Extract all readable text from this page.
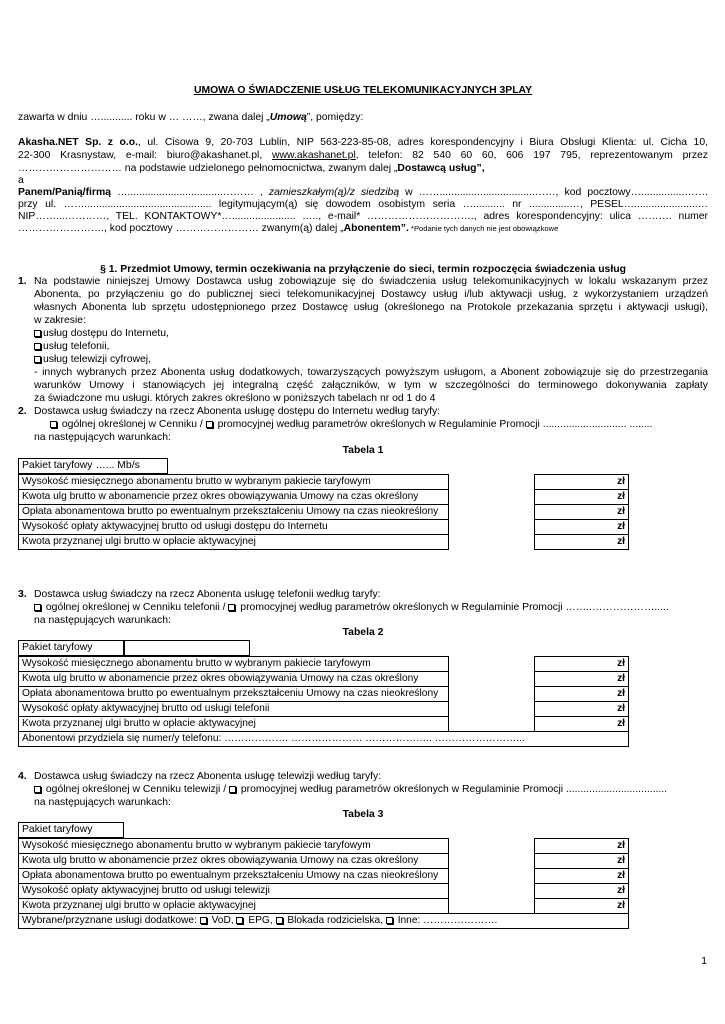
UMOWA O ŚWIADCZENIE USŁUG TELEKOMUNIKACYJNYCH 3PLAY
zawarta w dniu …........... roku w … ……, zwana dalej „Umową”, pomiędzy:
Akasha.NET Sp. z o.o., ul. Cisowa 9, 20-703 Lublin, NIP 563-223-85-08, adres korespondencyjny i Biura Obsługi Klienta: ul. Cicha 10,
22-300 Krasnystaw, e-mail: biuro@akashanet.pl, www.akashanet.pl, telefon: 82 540 60 60, 606 197 795, reprezentowanym przez
………………………… na podstawie udzielonego pełnomocnictwa, zwanym dalej „Dostawcą usług”,
a
Panem/Panią/firmą ….................................……… , zamieszkałym(ą)/z siedzibą w …….................................……, kod pocztowy…...............…….
przy ul. ……............................................ legitymującym(ą) się dowodem osobistym seria …........... nr ..............…, PESEL…......................…
NIP……...…………, TEL. KONTAKTOWY*…...................... ….., e-mail* …………………………., adres korespondencyjny: ulica ………. numer
……………………., kod pocztowy …………………… zwanym(ą) dalej „Abonentem”. *Podanie tych danych nie jest obowiązkowe
§ 1. Przedmiot Umowy, termin oczekiwania na przyłączenie do sieci, termin rozpoczęcia świadczenia usług
1. Na podstawie niniejszej Umowy Dostawca usług zobowiązuje się do świadczenia usług telekomunikacyjnych w lokalu wskazanym przez
Abonenta, po przyłączeniu go do publicznej sieci telekomunikacyjnej Dostawcy usług i/lub aktywacji usług, z wykorzystaniem urządzeń
własnych Abonenta lub sprzętu udostępnionego przez Dostawcę usług (określonego na Protokole przekazania sprzętu i aktywacji usługi),
w zakresie:
usług dostępu do Internetu,
usług telefonii,
usług telewizji cyfrowej,
- innych wybranych przez Abonenta usług dodatkowych, towarzyszących powyższym usługom, a Abonent zobowiązuje się do przestrzegania
warunków Umowy i stanowiących jej integralną część załączników, w tym w szczególności do terminowego dokonywania zapłaty
za świadczone mu usługi. których zakres określono w poniższych tabelach nr od 1 do 4
2. Dostawca usług świadczy na rzecz Abonenta usługę dostępu do Internetu według taryfy:
ogólnej określonej w Cenniku /  promocyjnej według parametrów określonych w Regulaminie Promocji ............................. ........
na następujących warunkach:
Tabela 1
Pakiet taryfowy …... Mb/s
Wysokość miesięcznego abonamentu brutto w wybranym pakiecie taryfowym		zł
Kwota ulg brutto w abonamencie przez okres obowiązywania Umowy na czas określony		zł
Opłata abonamentowa brutto po ewentualnym przekształceniu Umowy na czas nieokreślony		zł
Wysokość opłaty aktywacyjnej brutto od usługi dostępu do Internetu		zł
Kwota przyznanej ulgi brutto w opłacie aktywacyjnej		zł
3. Dostawca usług świadczy na rzecz Abonenta usługę telefonii według taryfy:
ogólnej określonej w Cenniku telefonii /  promocyjnej według parametrów określonych w Regulaminie Promocji ……..……………….....
na następujących warunkach:
Tabela 2
Pakiet taryfowy
Wysokość miesięcznego abonamentu brutto w wybranym pakiecie taryfowym		zł
Kwota ulg brutto w abonamencie przez okres obowiązywania Umowy na czas określony		zł
Opłata abonamentowa brutto po ewentualnym przekształceniu Umowy na czas nieokreślony		zł
Wysokość opłaty aktywacyjnej brutto od usługi telefonii		zł
Kwota przyznanej ulgi brutto w opłacie aktywacyjnej		zł
Abonentowi przydziela się numer/y telefonu: ………………. ………………… ……………….. ……………………...		
4. Dostawca usług świadczy na rzecz Abonenta usługę telewizji według taryfy:
ogólnej określonej w Cenniku telewizji /  promocyjnej według parametrów określonych w Regulaminie Promocji ...................................
na następujących warunkach:
Tabela 3
Pakiet taryfowy
Wysokość miesięcznego abonamentu brutto w wybranym pakiecie taryfowym		zł
Kwota ulg brutto w abonamencie przez okres obowiązywania Umowy na czas określony		zł
Opłata abonamentowa brutto po ewentualnym przekształceniu Umowy na czas nieokreślony		zł
Wysokość opłaty aktywacyjnej brutto od usługi telewizji		zł
Kwota przyznanej ulgi brutto w opłacie aktywacyjnej		zł
Wybrane/przyznane usługi dodatkowe:  VoD,  EPG,  Blokada rodzicielska,  Inne: ………………….		
1
